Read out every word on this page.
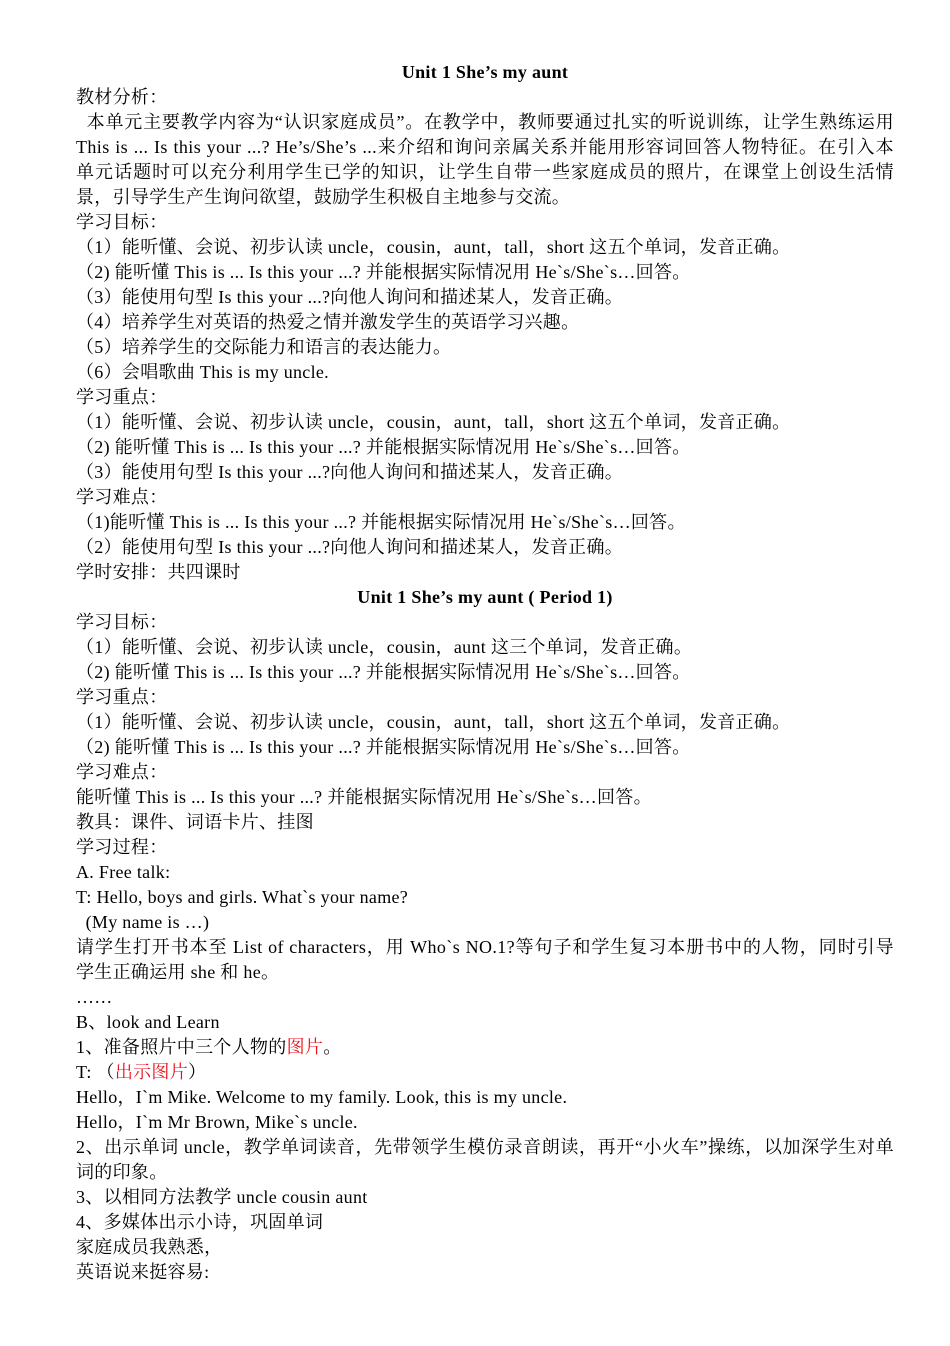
Unit 1 She’s my aunt
教材分析：
本单元主要教学内容为“认识家庭成员”。在教学中，教师要通过扎实的听说训练，让学生熟练运用
This is ... Is this your ...? He’s/She’s ...来介绍和询问亲属关系并能用形容词回答人物特征。在引入本
单元话题时可以充分利用学生已学的知识，让学生自带一些家庭成员的照片，在课堂上创设生活情
景，引导学生产生询问欲望，鼓励学生积极自主地参与交流。
学习目标：
（1）能听懂、会说、初步认读 uncle，cousin，aunt，tall，short 这五个单词，发音正确。
（2) 能听懂 This is ... Is this your ...? 并能根据实际情况用 He`s/She`s…回答。
（3）能使用句型 Is this your ...?向他人询问和描述某人，发音正确。
（4）培养学生对英语的热爱之情并激发学生的英语学习兴趣。
（5）培养学生的交际能力和语言的表达能力。
（6）会唱歌曲 This is my uncle.
学习重点：
（1）能听懂、会说、初步认读 uncle，cousin，aunt，tall，short 这五个单词，发音正确。
（2) 能听懂 This is ... Is this your ...? 并能根据实际情况用 He`s/She`s…回答。
（3）能使用句型 Is this your ...?向他人询问和描述某人，发音正确。
学习难点：
（1)能听懂 This is ... Is this your ...? 并能根据实际情况用 He`s/She`s…回答。
（2）能使用句型 Is this your ...?向他人询问和描述某人，发音正确。
学时安排：共四课时
Unit 1 She’s my aunt ( Period 1)
学习目标：
（1）能听懂、会说、初步认读 uncle，cousin，aunt 这三个单词，发音正确。
（2) 能听懂 This is ... Is this your ...? 并能根据实际情况用 He`s/She`s…回答。
学习重点：
（1）能听懂、会说、初步认读 uncle，cousin，aunt，tall，short 这五个单词，发音正确。
（2) 能听懂 This is ... Is this your ...? 并能根据实际情况用 He`s/She`s…回答。
学习难点：
能听懂 This is ... Is this your ...? 并能根据实际情况用 He`s/She`s…回答。
教具：课件、词语卡片、挂图
学习过程：
A. Free talk:
T: Hello, boys and girls. What`s your name?
(My name is …)
请学生打开书本至 List of characters，用 Who`s NO.1?等句子和学生复习本册书中的人物，同时引导
学生正确运用 she 和 he。
……
B、look and Learn
1、准备照片中三个人物的图片。
T: （出示图片）
Hello，I`m Mike. Welcome to my family. Look, this is my uncle.
Hello，I`m Mr Brown, Mike`s uncle.
2、出示单词 uncle，教学单词读音，先带领学生模仿录音朗读，再开“小火车”操练，以加深学生对单
词的印象。
3、以相同方法教学 uncle cousin aunt
4、多媒体出示小诗，巩固单词
家庭成员我熟悉，
英语说来挺容易:
